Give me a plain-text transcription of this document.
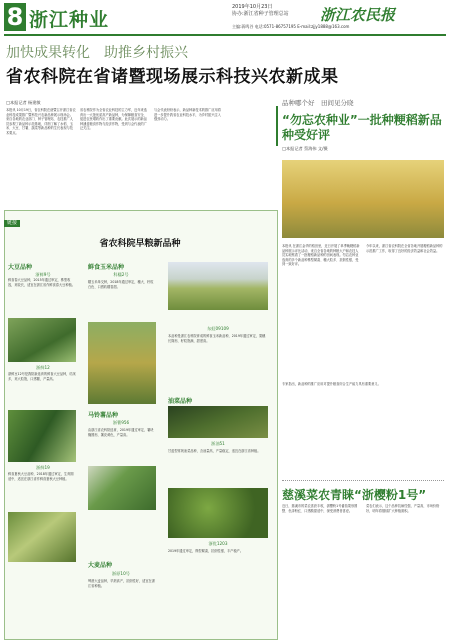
8 浙江种业
2019年10月23日
协办:浙江省种子管理总站	浙江农民报
主编:蒋鸣谷 电话:0571-86757195 E-mail:zjjy1888@163.com
加快成果转化　助推乡村振兴
省农科院在省诸暨现场展示科技兴农新成果
□本报记者 杨建敏
本报讯 10月19日，省农科院在诸暨召开浙江省农业科技成果推广暨科技兴农新品种展示现场会。来自各地的农业部门、种子管理站、农技推广人员参观了新品种示范基地，详细了解了水稻、玉米、大豆、甘薯、蔬菜等新品种的生长表现与技术要点。
省农科院作为全省农业科技的主力军，近年来选育出一大批优质高产新品种，为保障粮食安全、促进农民增收作出了重要贡献。此次展示的新品种涵盖粮食作物与经济作物，受到与会代表的广泛关注。
与会代表纷纷表示，新品种新技术的推广应用将进一步提升我省农业科技水平，为乡村振兴注入强劲动力。
品种哪个好　田间见分晓
“勿忘农种业”一批种粳稻新品种受好评
□本报记者 蔡海伟 文/摄
本报讯 在浙江金华的稻田里，近日开展了单季晚粳稻新品种展示评比活动，来自全省各地的种粮大户和农技人员实地察看了一批粳稻新品种的田间表现。勿忘农种业选育的多个新品种株型紧凑、穗大粒多、抗倒性强，受到一致好评。
今年以来，浙江省农科院在全省各地开展粳稻新品种的示范推广工作，取得了良好的经济效益和社会效益。
专家指出，新品种的推广应用对提升粮食综合生产能力具有重要意义。
链接
省农科院早粮新品种
大豆品种
浙鲜9号
鲜食春大豆品种，2015年通过审定，株型收敛，荚较长，适宜在浙江省作鲜食春大豆种植。
浙鲜12
浙鲜豆12号是我院新选育的鲜食大豆品种，结荚多，荚大粒饱，口感糯，产量高。
浙鲜19
鲜食夏秋大豆品种，2018年通过审定，生育期适中，适宜在浙江省作鲜食夏秋大豆种植。
鲜食玉米品种
科糯2号
糯玉米单交种，2018年通过审定，穗大、籽粒白色、口感软糯香甜。
马铃薯品种
浙薯956
由浙江省农科院选育，2019年通过审定，薯块椭圆形，薯皮黄色，产量高。
大麦品种
浙原10号
啤酒大麦品种，早熟高产，抗倒性好，适宜在浙江省种植。
东虹09109
本品种是浙江农科院育成的鲜食玉米新品种，2019年通过审定，果穗长筒形，籽粒饱满，甜度高。
油菜品种
浙油51
甘蓝型常规油菜品种，含油量高，产量稳定，适宜在浙江省种植。
浙优1203
2019年通过审定，株型紧凑，抗倒性强，丰产稳产。
慈溪菜农青睐“浙樱粉1号”
近日，慈溪市的菜农喜获丰收，浙樱粉1号番茄果形圆整、色泽粉红、口感酸甜适中，深受消费者喜爱。
菜农们表示，这个品种抗病性强，产量高，市场价格好，明年将继续扩大种植面积。
